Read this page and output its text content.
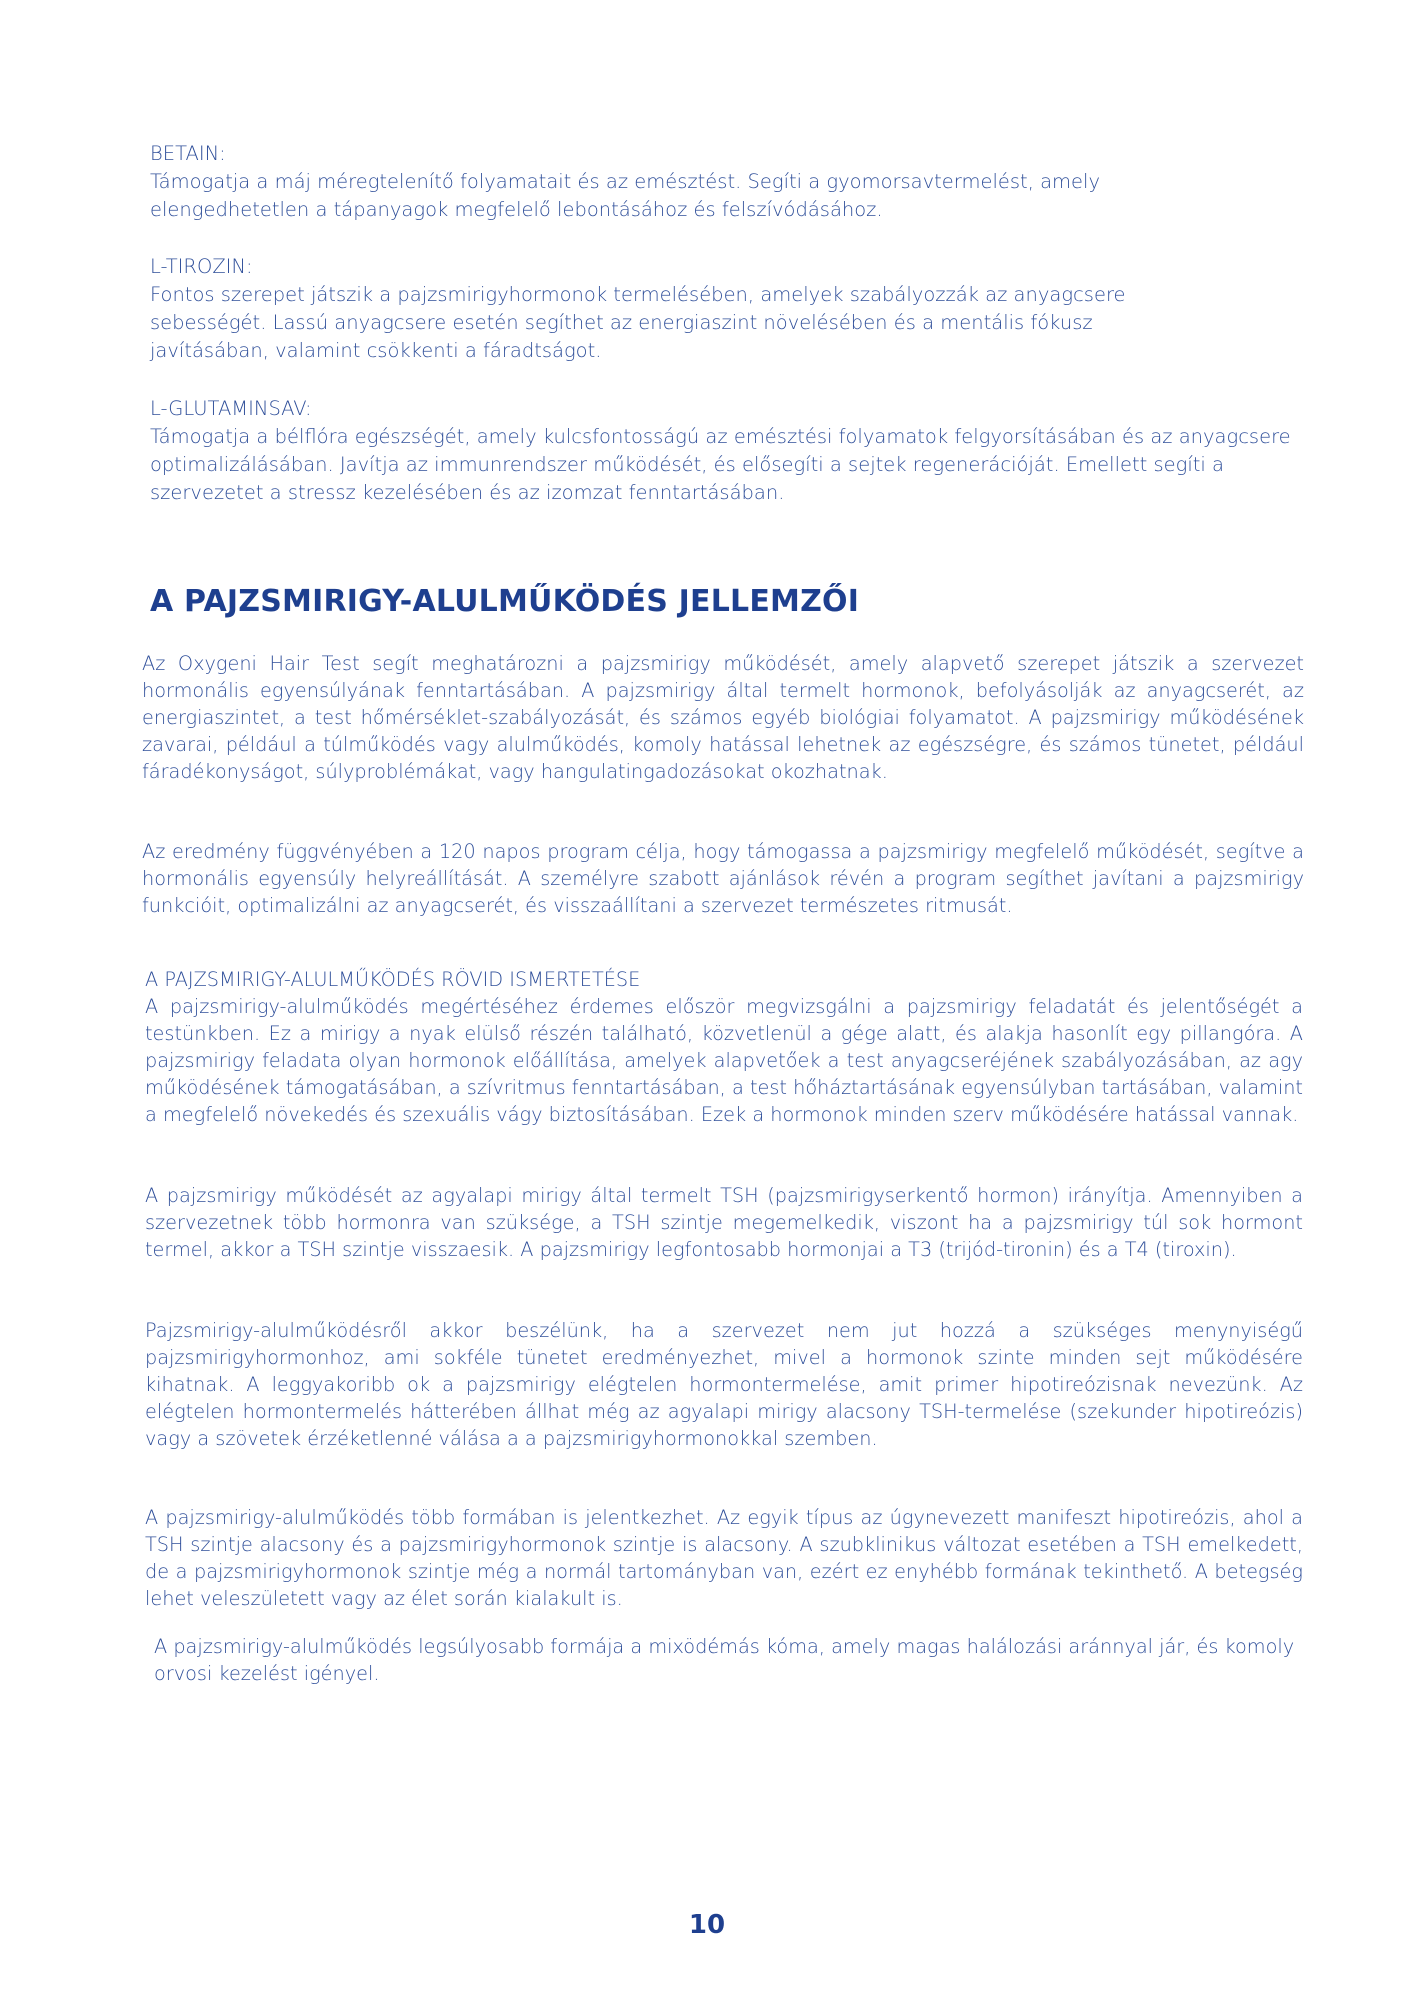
BETAIN:
Támogatja a máj méregtelenítő folyamatait és az emésztést. Segíti a gyomorsavtermelést, amely elengedhetetlen a tápanyagok megfelelő lebontásához és felszívódásához.
L-TIROZIN:
Fontos szerepet játszik a pajzsmirigyhormonok termelésében, amelyek szabályozzák az anyagcsere sebességét. Lassú anyagcsere esetén segíthet az energiaszint növelésében és a mentális fókusz javításában, valamint csökkenti a fáradtságot.
L-GLUTAMINSAV:
Támogatja a bélflóra egészségét, amely kulcsfontosságú az emésztési folyamatok felgyorsításában és az anyagcsere optimalizálásában. Javítja az immunrendszer működését, és elősegíti a sejtek regenerációját. Emellett segíti a szervezetet a stressz kezelésében és az izomzat fenntartásában.
A PAJZSMIRIGY-ALULMŰKÖDÉS JELLEMZŐI

Az Oxygeni Hair Test segít meghatározni a pajzsmirigy működését, amely alapvető szerepet játszik a szervezet hormonális egyensúlyának fenntartásában. A pajzsmirigy által termelt hormonok, befolyásolják az anyagcserét, az energiaszintet, a test hőmérséklet-szabályozását, és számos egyéb biológiai folyamatot. A pajzsmirigy működésének zavarai, például a túlműködés vagy alulműködés, komoly hatással lehetnek az egészségre, és számos tünetet, például fáradékonyságot, súlyproblémákat, vagy hangulatingadozásokat okozhatnak.

Az eredmény függvényében a 120 napos program célja, hogy támogassa a pajzsmirigy megfelelő működését, segítve a hormonális egyensúly helyreállítását. A személyre szabott ajánlások révén a program segíthet javítani a pajzsmirigy funkcióit, optimalizálni az anyagcserét, és visszaállítani a szervezet természetes ritmusát.

A PAJZSMIRIGY-ALULMŰKÖDÉS RÖVID ISMERTETÉSE
A pajzsmirigy-alulműködés megértéséhez érdemes először megvizsgálni a pajzsmirigy feladatát és jelentőségét a testünkben. Ez a mirigy a nyak elülső részén található, közvetlenül a gége alatt, és alakja hasonlít egy pillangóra. A pajzsmirigy feladata olyan hormonok előállítása, amelyek alapvetőek a test anyagcseréjének szabályozásában, az agy működésének támogatásában, a szívritmus fenntartásában, a test hőháztartásának egyensúlyban tartásában, valamint a megfelelő növekedés és szexuális vágy biztosításában. Ezek a hormonok minden szerv működésére hatással vannak.

A pajzsmirigy működését az agyalapi mirigy által termelt TSH (pajzsmirigyserkentő hormon) irányítja. Amennyiben a szervezetnek több hormonra van szüksége, a TSH szintje megemelkedik, viszont ha a pajzsmirigy túl sok hormont termel, akkor a TSH szintje visszaesik. A pajzsmirigy legfontosabb hormonjai a T3 (trijód-tironin) és a T4 (tiroxin).

Pajzsmirigy-alulműködésről akkor beszélünk, ha a szervezet nem jut hozzá a szükséges menynyiségű pajzsmirigyhormonhoz, ami sokféle tünetet eredményezhet, mivel a hormonok szinte minden sejt működésére kihatnak. A leggyakoribb ok a pajzsmirigy elégtelen hormontermelése, amit primer hipotireózisnak nevezünk. Az elégtelen hormontermelés hátterében állhat még az agyalapi mirigy alacsony TSH-termelése (szekunder hipotireózis) vagy a szövetek érzéketlenné válása a a pajzsmirigyhormonokkal szemben.

A pajzsmirigy-alulműködés több formában is jelentkezhet. Az egyik típus az úgynevezett manifeszt hipotireózis, ahol a TSH szintje alacsony és a pajzsmirigyhormonok szintje is alacsony. A szubklinikus változat esetében a TSH emelkedett, de a pajzsmirigyhormonok szintje még a normál tartományban van, ezért ez enyhébb formának tekinthető. A betegség lehet veleszületett vagy az élet során kialakult is.

A pajzsmirigy-alulműködés legsúlyosabb formája a mixödémás kóma, amely magas halálozási aránnyal jár, és komoly orvosi kezelést igényel.

10
